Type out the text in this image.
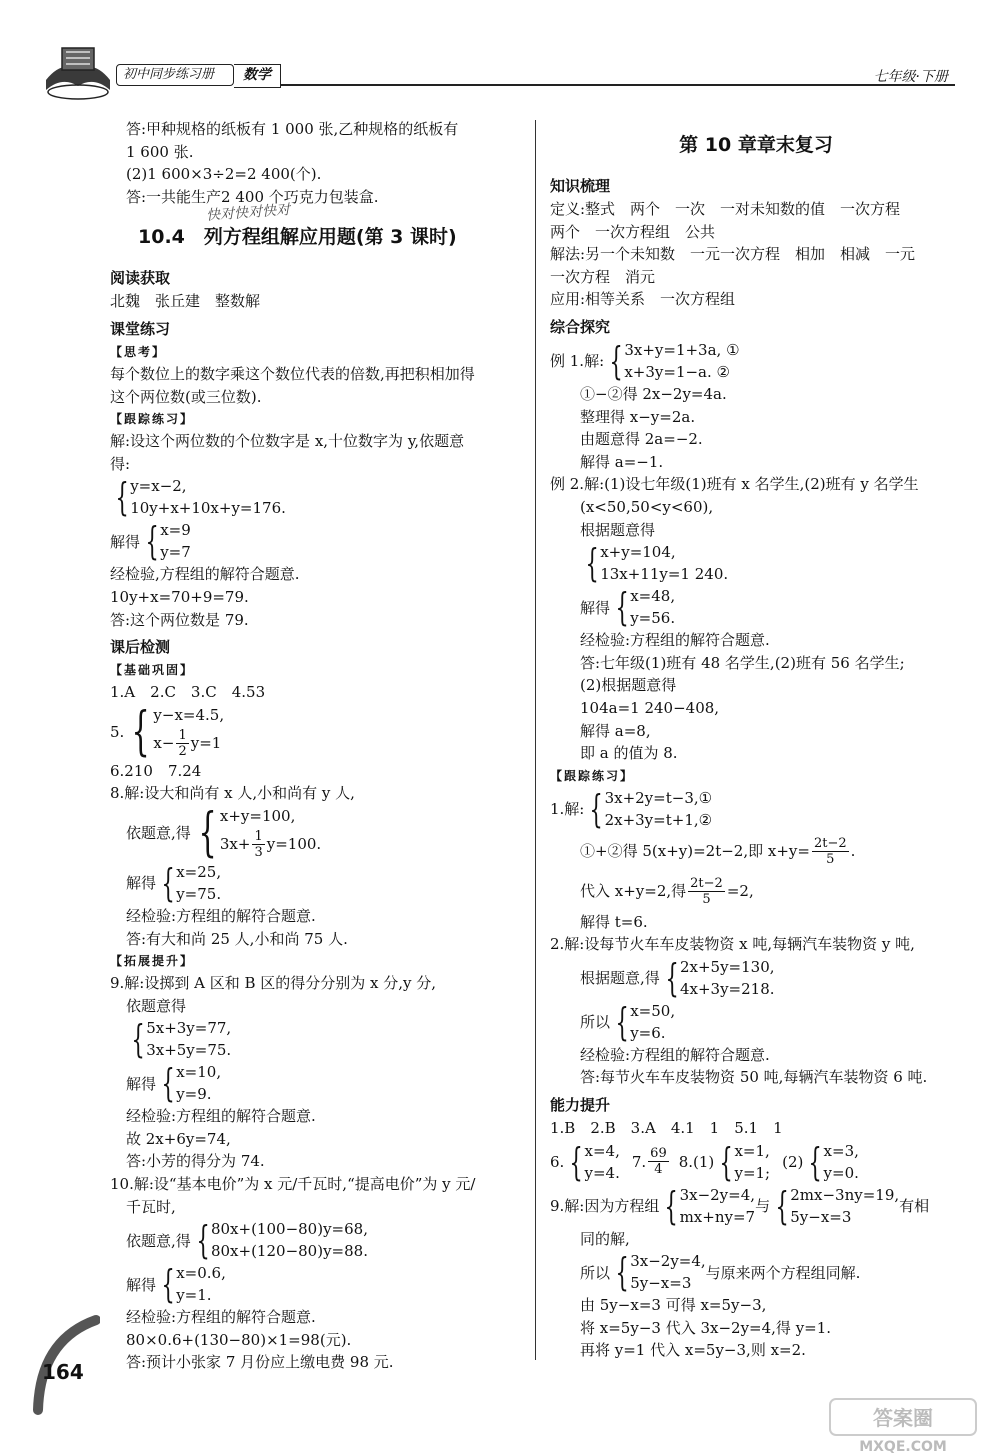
初中同步练习册	数学	七年级·下册
答:甲种规格的纸板有 1 000 张,乙种规格的纸板有
1 600 张.
(2)1 600×3÷2=2 400(个).
答:一共能生产2 400 个巧克力包装盒.
快对快对快对
10.4　列方程组解应用题(第 3 课时)
阅读获取
北魏　张丘建　整数解
课堂练习
【思考】
每个数位上的数字乘这个数位代表的倍数,再把积相加得
这个两位数(或三位数).
【跟踪练习】
解:设这个两位数的个位数字是 x,十位数字为 y,依题意
得:
{ y=x−2,
10y+x+10x+y=176.
解得 { x=9
y=7
经检验,方程组的解符合题意.
10y+x=70+9=79.
答:这个两位数是 79.
课后检测
【基础巩固】
1.A　2.C　3.C　4.53
5. { y−x=4.5,
$x- \frac{1}{2} y=1$
6.210　7.24
8.解:设大和尚有 x 人,小和尚有 y 人,
依题意,得 { x+y=100,
$3x+ \frac{1}{3} y=100$.
解得 { x=25,
y=75.
经检验:方程组的解符合题意.
答:有大和尚 25 人,小和尚 75 人.
【拓展提升】
9.解:设掷到 A 区和 B 区的得分分别为 x 分,y 分,
依题意得
{ 5x+3y=77,
3x+5y=75.
解得 { x=10,
y=9.
经检验:方程组的解符合题意.
故 2x+6y=74,
答:小芳的得分为 74.
10.解:设“基本电价”为 x 元/千瓦时,“提高电价”为 y 元/
千瓦时,
依题意,得 { 80x+(100−80)y=68,
80x+(120−80)y=88.
解得 { x=0.6,
y=1.
经检验:方程组的解符合题意.
80×0.6+(130−80)×1=98(元).
答:预计小张家 7 月份应上缴电费 98 元.
第 10 章章末复习
知识梳理
定义:整式　两个　一次　一对未知数的值　一次方程
两个　一次方程组　公共
解法:另一个未知数　一元一次方程　相加　相减　一元
一次方程　消元
应用:相等关系　一次方程组
综合探究
例 1.解: { 3x+y=1+3a, ①
x+3y=1−a. ②
①−②得 2x−2y=4a.
整理得 x−y=2a.
由题意得 2a=−2.
解得 a=−1.
例 2.解:(1)设七年级(1)班有 x 名学生,(2)班有 y 名学生
(x<50,50<y<60),
根据题意得
{ x+y=104,
13x+11y=1 240.
解得 { x=48,
y=56.
经检验:方程组的解符合题意.
答:七年级(1)班有 48 名学生,(2)班有 56 名学生;
(2)根据题意得
104a=1 240−408,
解得 a=8,
即 a 的值为 8.
【跟踪练习】
1.解: { 3x+2y=t−3,①
2x+3y=t+1,②
①+②得 5(x+y)=2t−2,即 $x+y= \frac{2t-2}{5}$ .
代入 x+y=2,得 $\frac{2t-2}{5} =2$,
解得 t=6.
2.解:设每节火车车皮装物资 x 吨,每辆汽车装物资 y 吨,
根据题意,得 { 2x+5y=130,
4x+3y=218.
所以 { x=50,
y=6.
经检验:方程组的解符合题意.
答:每节火车车皮装物资 50 吨,每辆汽车装物资 6 吨.
能力提升
1.B　2.B　3.A　4.1　1　5.1　1
6. { x=4,
y=4.
7. $\frac{69}{4} 8.(1)$ { x=1,
y=1;
(2) { x=3,
y=0.
9.解:因为方程组 { 3x−2y=4,
mx+ny=7
与 { 2mx−3ny=19,
5y−x=3
有相
同的解,
所以 { 3x−2y=4,
5y−x=3
与原来两个方程组同解.
由 5y−x=3 可得 x=5y−3,
将 x=5y−3 代入 3x−2y=4,得 y=1.
再将 y=1 代入 x=5y−3,则 x=2.
164
答案圈
MXQE.COM
